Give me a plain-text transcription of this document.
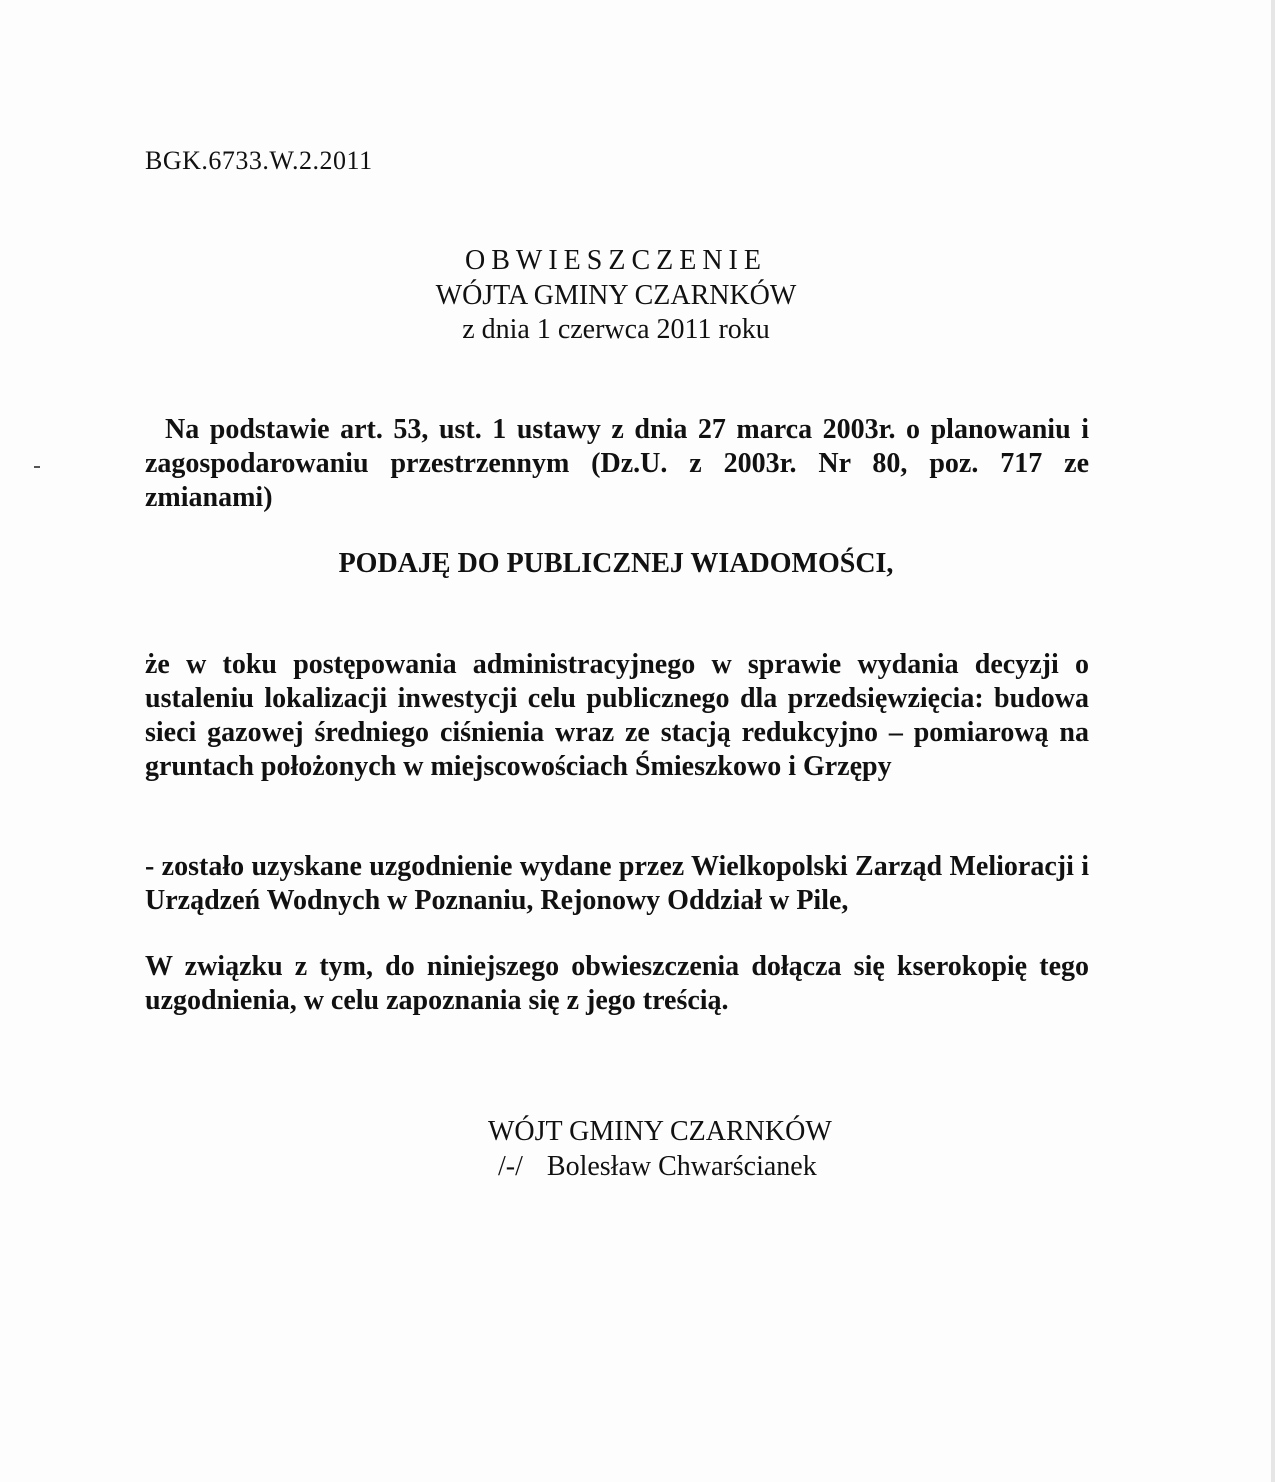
BGK.6733.W.2.2011
OBWIESZCZENIE
WÓJTA GMINY CZARNKÓW
z dnia 1 czerwca 2011 roku
Na podstawie art. 53, ust. 1 ustawy z dnia 27 marca 2003r. o planowaniu i zagospodarowaniu przestrzennym (Dz.U. z 2003r. Nr 80, poz. 717 ze zmianami)
PODAJĘ DO PUBLICZNEJ WIADOMOŚCI,
że w toku postępowania administracyjnego w sprawie wydania decyzji o ustaleniu lokalizacji inwestycji celu publicznego dla przedsięwzięcia: budowa sieci gazowej średniego ciśnienia wraz ze stacją redukcyjno – pomiarową na gruntach położonych w miejscowościach Śmieszkowo i Grzępy
- zostało uzyskane uzgodnienie wydane przez Wielkopolski Zarząd Melioracji i Urządzeń Wodnych w Poznaniu, Rejonowy Oddział w Pile,
W związku z tym, do niniejszego obwieszczenia dołącza się kserokopię tego uzgodnienia, w celu zapoznania się z jego treścią.
WÓJT GMINY CZARNKÓW
/-/ Bolesław Chwarścianek
